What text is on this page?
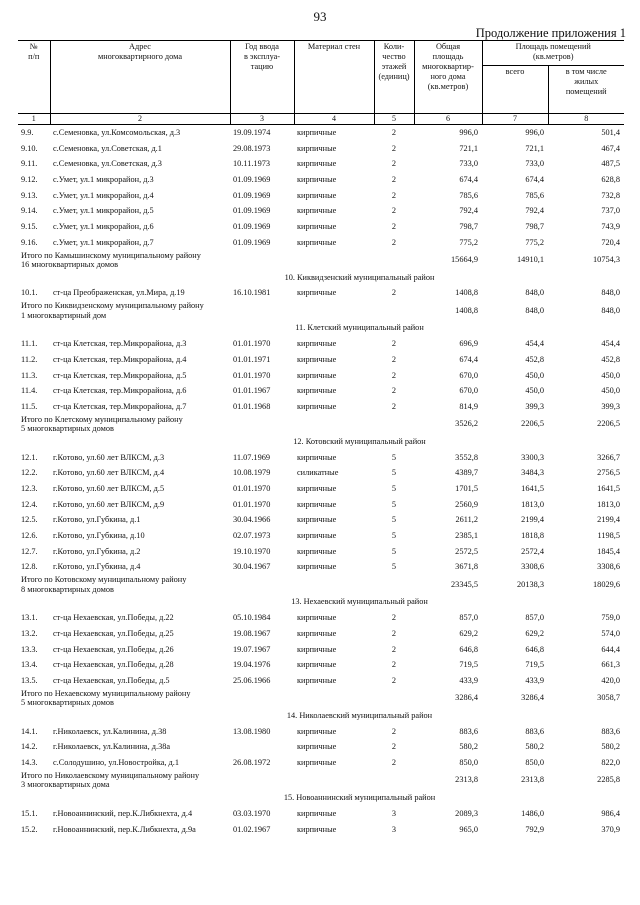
93
Продолжение приложения 1
№
п/п	Адрес
многоквартирного дома	Год ввода
в эксплуа-
тацию	Материал стен	Коли-
чество
этажей
(единиц)	Общая
площадь
многоквартир-
ного дома
(кв.метров)	Площадь помещений
(кв.метров)	
						всего	в том числе
жилых
помещений
1	2	3	4	5	6	7	8
9.9.	с.Семеновка, ул.Комсомольская, д.3	19.09.1974	кирпичные	2	996,0	996,0	501,4
9.10.	с.Семеновка, ул.Советская, д.1	29.08.1973	кирпичные	2	721,1	721,1	467,4
9.11.	с.Семеновка, ул.Советская, д.3	10.11.1973	кирпичные	2	733,0	733,0	487,5
9.12.	с.Умет, ул.1 микрорайон, д.3	01.09.1969	кирпичные	2	674,4	674,4	628,8
9.13.	с.Умет, ул.1 микрорайон, д.4	01.09.1969	кирпичные	2	785,6	785,6	732,8
9.14.	с.Умет, ул.1 микрорайон, д.5	01.09.1969	кирпичные	2	792,4	792,4	737,0
9.15.	с.Умет, ул.1 микрорайон, д.6	01.09.1969	кирпичные	2	798,7	798,7	743,9
9.16.	с.Умет, ул.1 микрорайон, д.7	01.09.1969	кирпичные	2	775,2	775,2	720,4
Итого по Камышинскому муниципальному району
16 многоквартирных домов					15664,9	14910,1	10754,3
10. Киквидзенский муниципальный район							
10.1.	ст-ца Преображенская, ул.Мира, д.19	16.10.1981	кирпичные	2	1408,8	848,0	848,0
Итого по Киквидзенскому муниципальному району
1 многоквартирный дом					1408,8	848,0	848,0
11. Клетский муниципальный район							
11.1.	ст-ца Клетская, тер.Микрорайона, д.3	01.01.1970	кирпичные	2	696,9	454,4	454,4
11.2.	ст-ца Клетская, тер.Микрорайона, д.4	01.01.1971	кирпичные	2	674,4	452,8	452,8
11.3.	ст-ца Клетская, тер.Микрорайона, д.5	01.01.1970	кирпичные	2	670,0	450,0	450,0
11.4.	ст-ца Клетская, тер.Микрорайона, д.6	01.01.1967	кирпичные	2	670,0	450,0	450,0
11.5.	ст-ца Клетская, тер.Микрорайона, д.7	01.01.1968	кирпичные	2	814,9	399,3	399,3
Итого по Клетскому муниципальному району
5 многоквартирных домов					3526,2	2206,5	2206,5
12. Котовский муниципальный район							
12.1.	г.Котово, ул.60 лет ВЛКСМ, д.3	11.07.1969	кирпичные	5	3552,8	3300,3	3266,7
12.2.	г.Котово, ул.60 лет ВЛКСМ, д.4	10.08.1979	силикатные	5	4389,7	3484,3	2756,5
12.3.	г.Котово, ул.60 лет ВЛКСМ, д.5	01.01.1970	кирпичные	5	1701,5	1641,5	1641,5
12.4.	г.Котово, ул.60 лет ВЛКСМ, д.9	01.01.1970	кирпичные	5	2560,9	1813,0	1813,0
12.5.	г.Котово, ул.Губкина, д.1	30.04.1966	кирпичные	5	2611,2	2199,4	2199,4
12.6.	г.Котово, ул.Губкина, д.10	02.07.1973	кирпичные	5	2385,1	1818,8	1198,5
12.7.	г.Котово, ул.Губкина, д.2	19.10.1970	кирпичные	5	2572,5	2572,4	1845,4
12.8.	г.Котово, ул.Губкина, д.4	30.04.1967	кирпичные	5	3671,8	3308,6	3308,6
Итого по Котовскому муниципальному району
8 многоквартирных домов					23345,5	20138,3	18029,6
13. Нехаевский муниципальный район							
13.1.	ст-ца Нехаевская, ул.Победы, д.22	05.10.1984	кирпичные	2	857,0	857,0	759,0
13.2.	ст-ца Нехаевская, ул.Победы, д.25	19.08.1967	кирпичные	2	629,2	629,2	574,0
13.3.	ст-ца Нехаевская, ул.Победы, д.26	19.07.1967	кирпичные	2	646,8	646,8	644,4
13.4.	ст-ца Нехаевская, ул.Победы, д.28	19.04.1976	кирпичные	2	719,5	719,5	661,3
13.5.	ст-ца Нехаевская, ул.Победы, д.5	25.06.1966	кирпичные	2	433,9	433,9	420,0
Итого по Нехаевскому муниципальному району
5 многоквартирных домов					3286,4	3286,4	3058,7
14. Николаевский муниципальный район							
14.1.	г.Николаевск, ул.Калинина, д.38	13.08.1980	кирпичные	2	883,6	883,6	883,6
14.2.	г.Николаевск, ул.Калинина, д.38а		кирпичные	2	580,2	580,2	580,2
14.3.	с.Солодушино, ул.Новостройка, д.1	26.08.1972	кирпичные	2	850,0	850,0	822,0
Итого по Николаевскому муниципальному району
3 многоквартирных дома					2313,8	2313,8	2285,8
15. Новоаннинский муниципальный район							
15.1.	г.Новоаннинский, пер.К.Либкнехта, д.4	03.03.1970	кирпичные	3	2089,3	1486,0	986,4
15.2.	г.Новоаннинский, пер.К.Либкнехта, д.9а	01.02.1967	кирпичные	3	965,0	792,9	370,9
